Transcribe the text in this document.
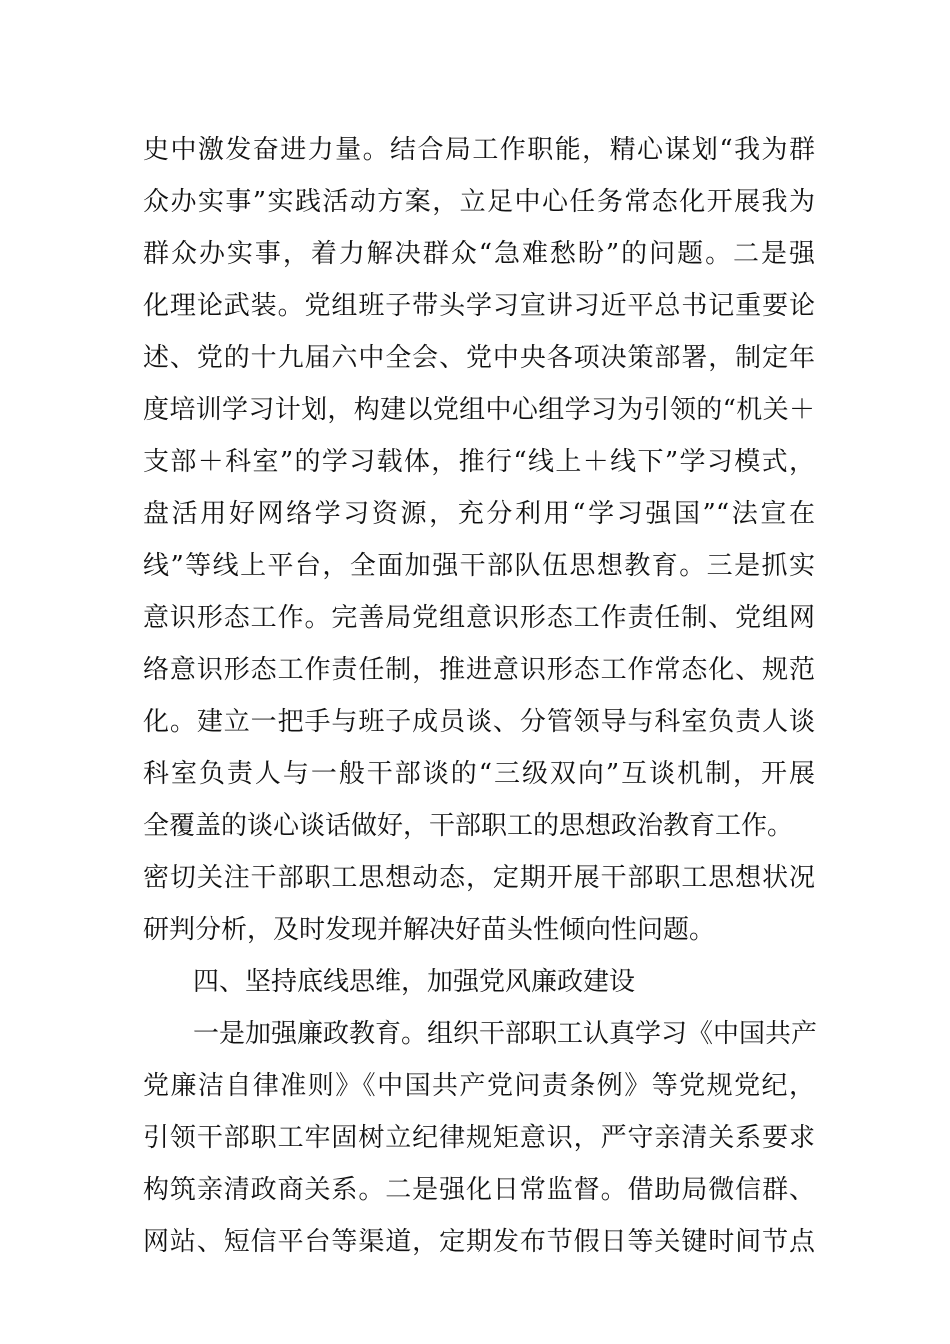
史中激发奋进力量。结合局工作职能，精心谋划“我为群
众办实事”实践活动方案，立足中心任务常态化开展我为
群众办实事，着力解决群众“急难愁盼”的问题。二是强
化理论武装。党组班子带头学习宣讲习近平总书记重要论
述、党的十九届六中全会、党中央各项决策部署，制定年
度培训学习计划，构建以党组中心组学习为引领的“机关＋
支部＋科室”的学习载体，推行“线上＋线下”学习模式，
盘活用好网络学习资源，充分利用“学习强国”“法宣在
线”等线上平台，全面加强干部队伍思想教育。三是抓实
意识形态工作。完善局党组意识形态工作责任制、党组网
络意识形态工作责任制，推进意识形态工作常态化、规范
化。建立一把手与班子成员谈、分管领导与科室负责人谈
科室负责人与一般干部谈的“三级双向”互谈机制，开展
全覆盖的谈心谈话做好，干部职工的思想政治教育工作。
密切关注干部职工思想动态，定期开展干部职工思想状况
研判分析，及时发现并解决好苗头性倾向性问题。
四、坚持底线思维，加强党风廉政建设
一是加强廉政教育。组织干部职工认真学习《中国共产
党廉洁自律准则》《中国共产党问责条例》等党规党纪，
引领干部职工牢固树立纪律规矩意识，严守亲清关系要求
构筑亲清政商关系。二是强化日常监督。借助局微信群、
网站、短信平台等渠道，定期发布节假日等关键时间节点
